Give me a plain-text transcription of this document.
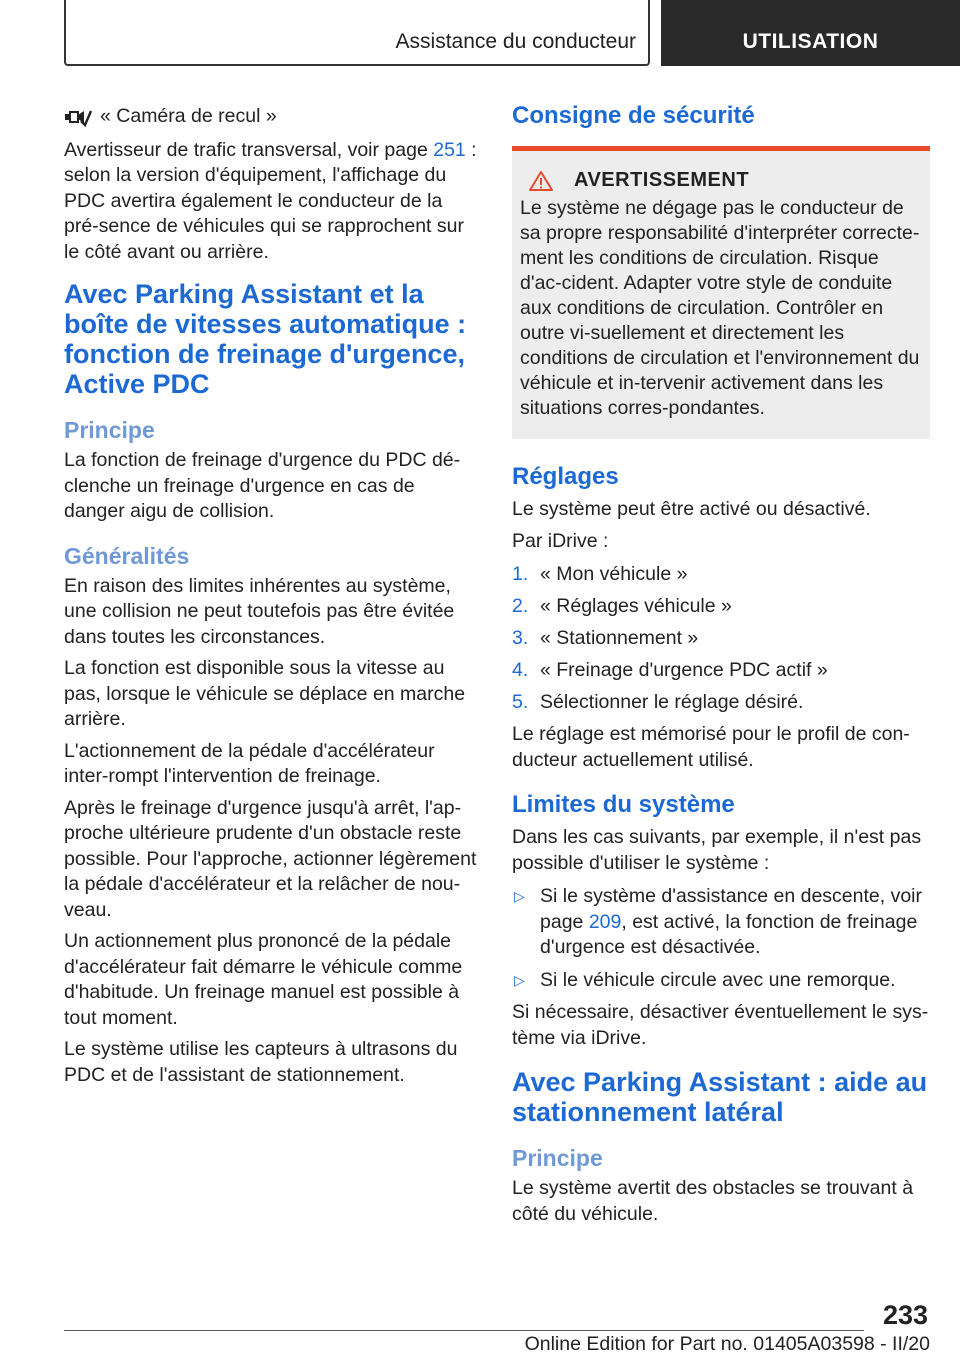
Assistance du conducteur	UTILISATION
« Caméra de recul »

Avertisseur de trafic transversal, voir page 251 : selon la version d'équipement, l'affichage du PDC avertira également le conducteur de la pré-sence de véhicules qui se rapprochent sur le côté avant ou arrière.

Avec Parking Assistant et la boîte de vitesses automatique : fonction de freinage d'urgence, Active PDC
Principe

La fonction de freinage d'urgence du PDC dé-clenche un freinage d'urgence en cas de danger aigu de collision.

Généralités

En raison des limites inhérentes au système, une collision ne peut toutefois pas être évitée dans toutes les circonstances.

La fonction est disponible sous la vitesse au pas, lorsque le véhicule se déplace en marche arrière.

L'actionnement de la pédale d'accélérateur inter-rompt l'intervention de freinage.

Après le freinage d'urgence jusqu'à arrêt, l'ap-proche ultérieure prudente d'un obstacle reste possible. Pour l'approche, actionner légèrement la pédale d'accélérateur et la relâcher de nou-veau.

Un actionnement plus prononcé de la pédale d'accélérateur fait démarre le véhicule comme d'habitude. Un freinage manuel est possible à tout moment.

Le système utilise les capteurs à ultrasons du PDC et de l'assistant de stationnement.

Consigne de sécurité
AVERTISSEMENT

Le système ne dégage pas le conducteur de sa propre responsabilité d'interpréter correcte-ment les conditions de circulation. Risque d'ac-cident. Adapter votre style de conduite aux conditions de circulation. Contrôler en outre vi-suellement et directement les conditions de circulation et l'environnement du véhicule et in-tervenir activement dans les situations corres-pondantes.

Réglages

Le système peut être activé ou désactivé.

Par iDrive :

1. « Mon véhicule »
2. « Réglages véhicule »
3. « Stationnement »
4. « Freinage d'urgence PDC actif »
5. Sélectionner le réglage désiré.

Le réglage est mémorisé pour le profil de con-ducteur actuellement utilisé.

Limites du système

Dans les cas suivants, par exemple, il n'est pas possible d'utiliser le système :

▷ Si le système d'assistance en descente, voir page 209, est activé, la fonction de freinage d'urgence est désactivée.
▷ Si le véhicule circule avec une remorque.

Si nécessaire, désactiver éventuellement le sys-tème via iDrive.

Avec Parking Assistant : aide au stationnement latéral
Principe

Le système avertit des obstacles se trouvant à côté du véhicule.

233
Online Edition for Part no. 01405A03598 - II/20
